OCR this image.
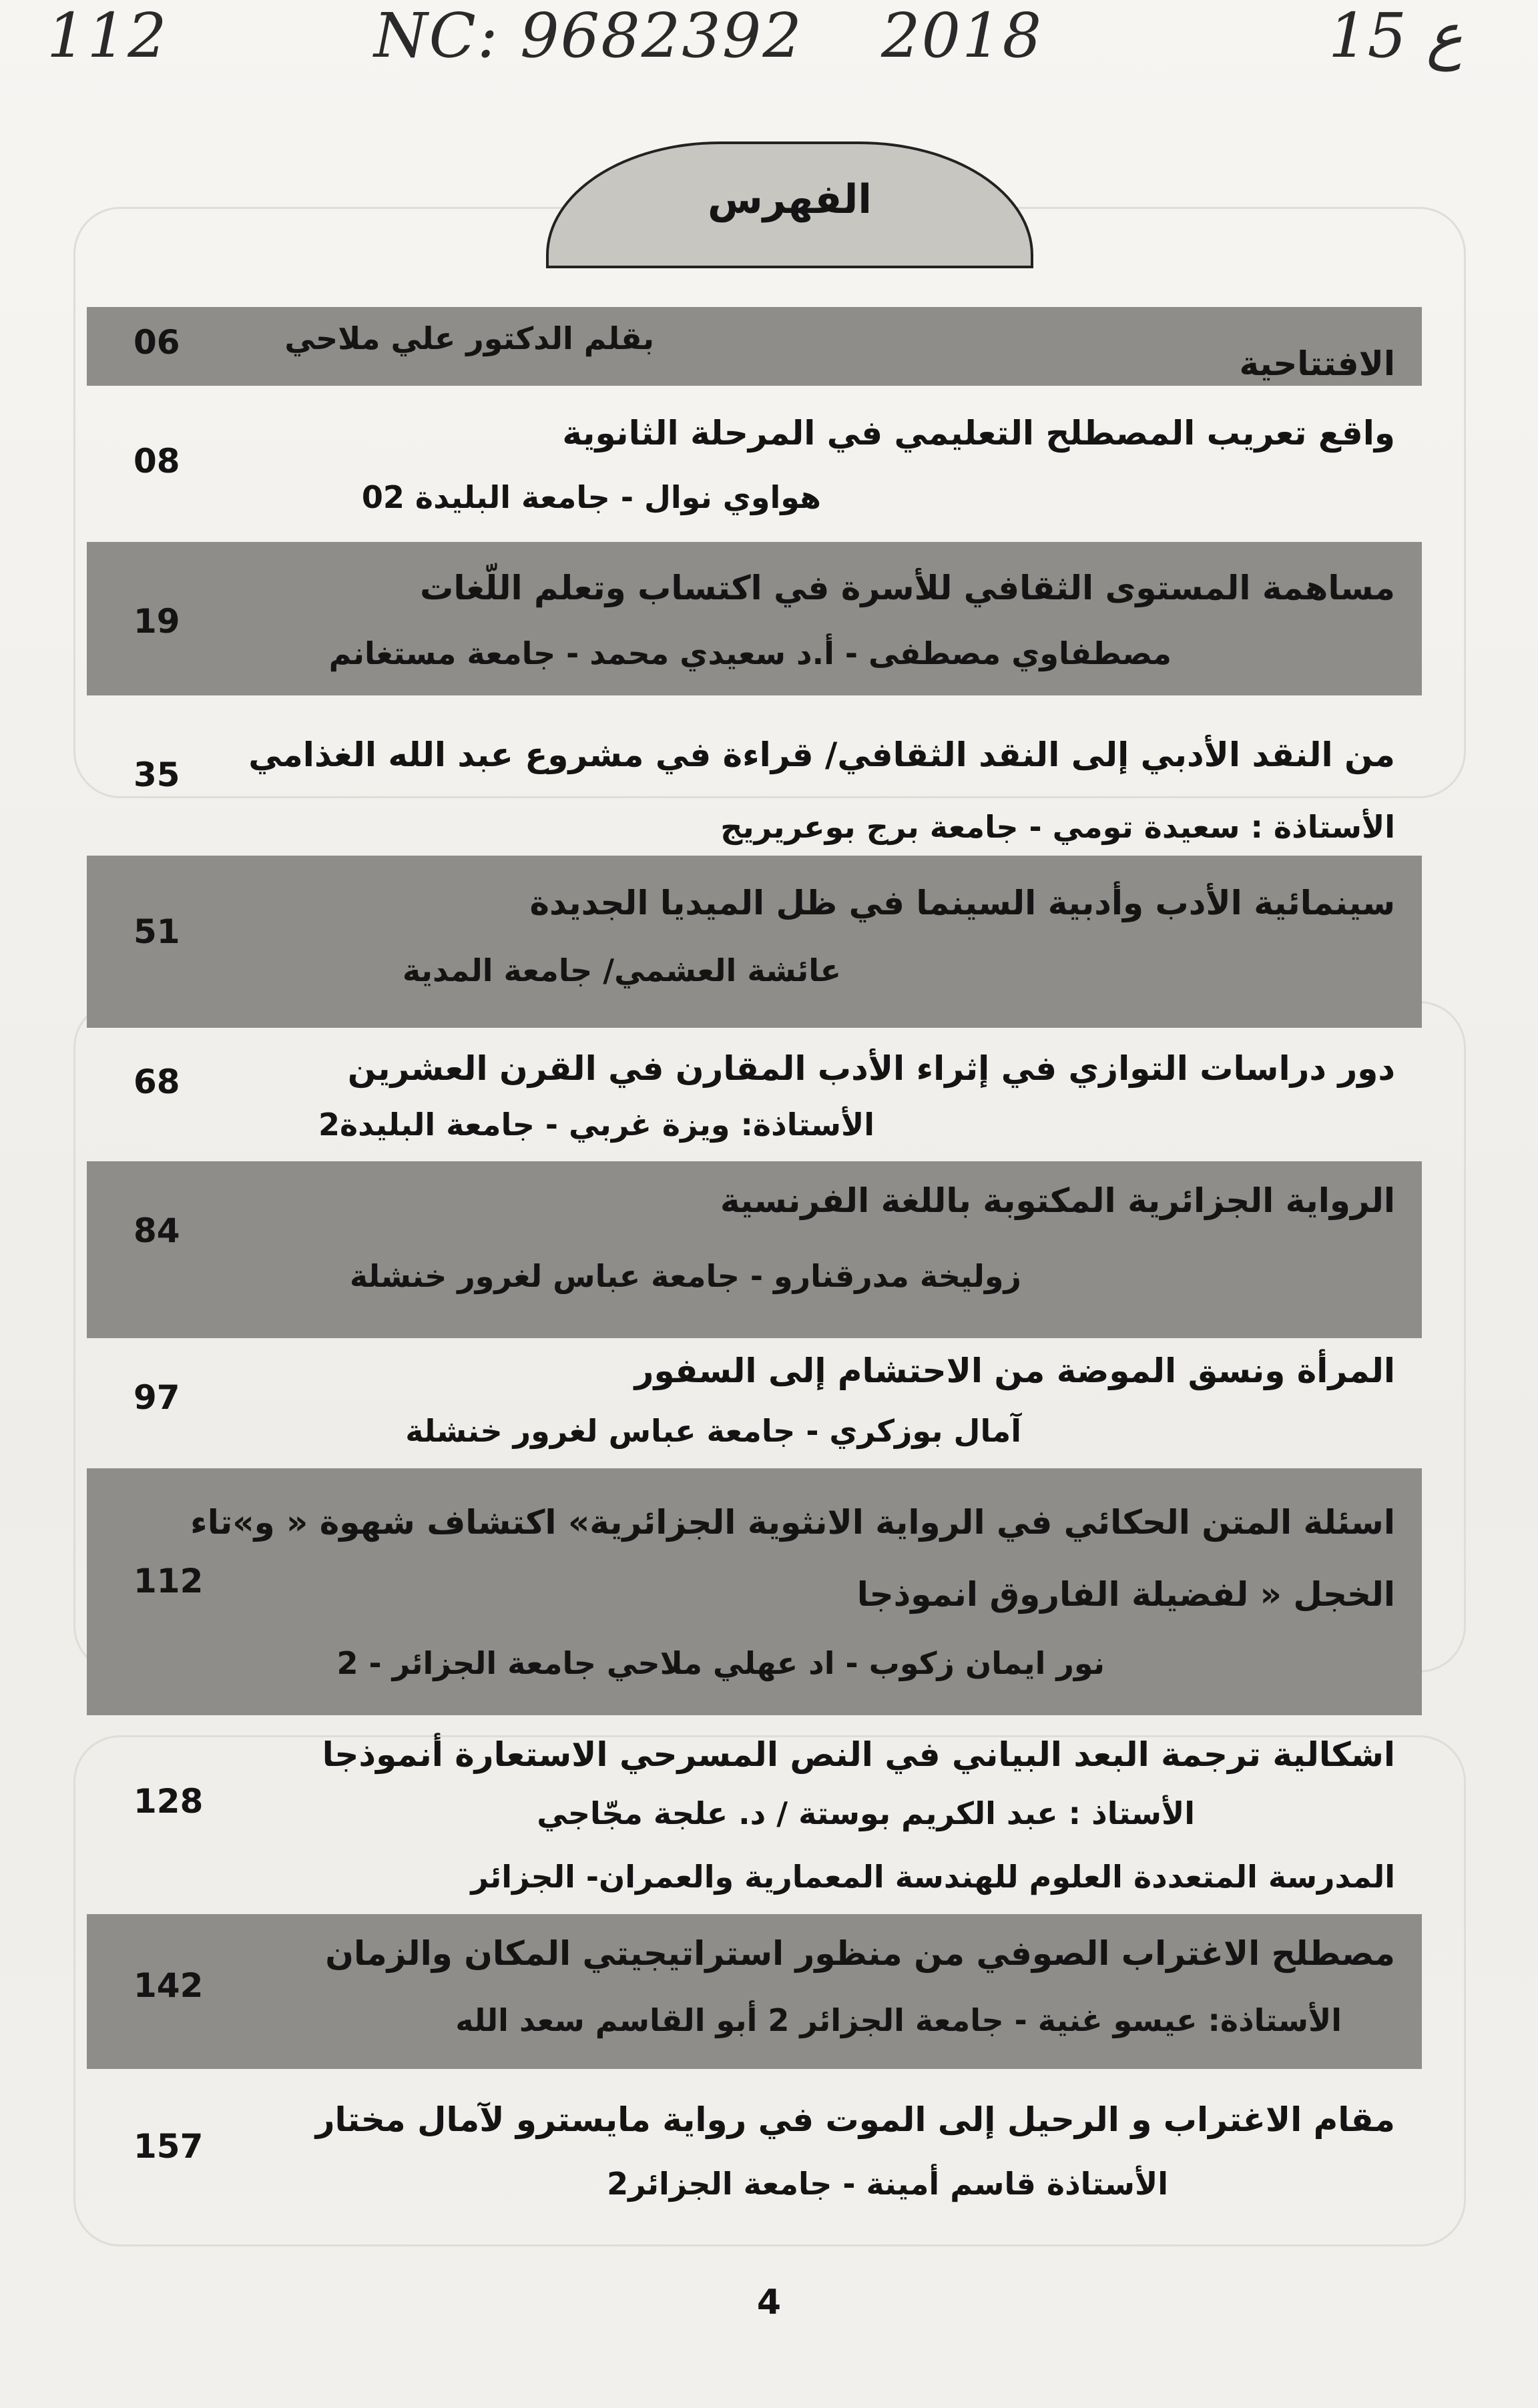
112	NC: 9682392 2018	15 ع
الفهرس
الافتتاحية
بقلم الدكتور علي ملاحي
06
واقع تعريب المصطلح التعليمي في المرحلة الثانوية
هواوي نوال - جامعة البليدة 02
08
مساهمة المستوى الثقافي للأسرة في اكتساب وتعلم اللّغات
مصطفاوي مصطفى - أ.د سعيدي محمد - جامعة مستغانم
19
من النقد الأدبي إلى النقد الثقافي/ قراءة في مشروع عبد الله الغذامي
الأستاذة : سعيدة تومي - جامعة برج بوعريريج
35
سينمائية الأدب وأدبية السينما في ظل الميديا الجديدة
عائشة العشمي/ جامعة المدية
51
دور دراسات التوازي في إثراء الأدب المقارن في القرن العشرين
الأستاذة: ويزة غربي - جامعة البليدة2
68
الرواية الجزائرية المكتوبة باللغة الفرنسية
زوليخة مدرقنارو - جامعة عباس لغرور خنشلة
84
المرأة ونسق الموضة من الاحتشام إلى السفور
آمال بوزكري - جامعة عباس لغرور خنشلة
97
اسئلة المتن الحكائي في الرواية الانثوية الجزائرية» اكتشاف شهوة « و»تاء
الخجل « لفضيلة الفاروق انموذجا
نور ايمان زكوب - اد عهلي ملاحي جامعة الجزائر - 2
112
اشكالية ترجمة البعد البياني في النص المسرحي الاستعارة أنموذجا
الأستاذ : عبد الكريم بوستة / د. علجة مجّاجي
المدرسة المتعددة العلوم للهندسة المعمارية والعمران- الجزائر
128
مصطلح الاغتراب الصوفي من منظور استراتيجيتي المكان والزمان
الأستاذة: عيسو غنية - جامعة الجزائر 2 أبو القاسم سعد الله
142
مقام الاغتراب و الرحيل إلى الموت في رواية مايسترو لآمال مختار
الأستاذة قاسم أمينة - جامعة الجزائر2
157
4
